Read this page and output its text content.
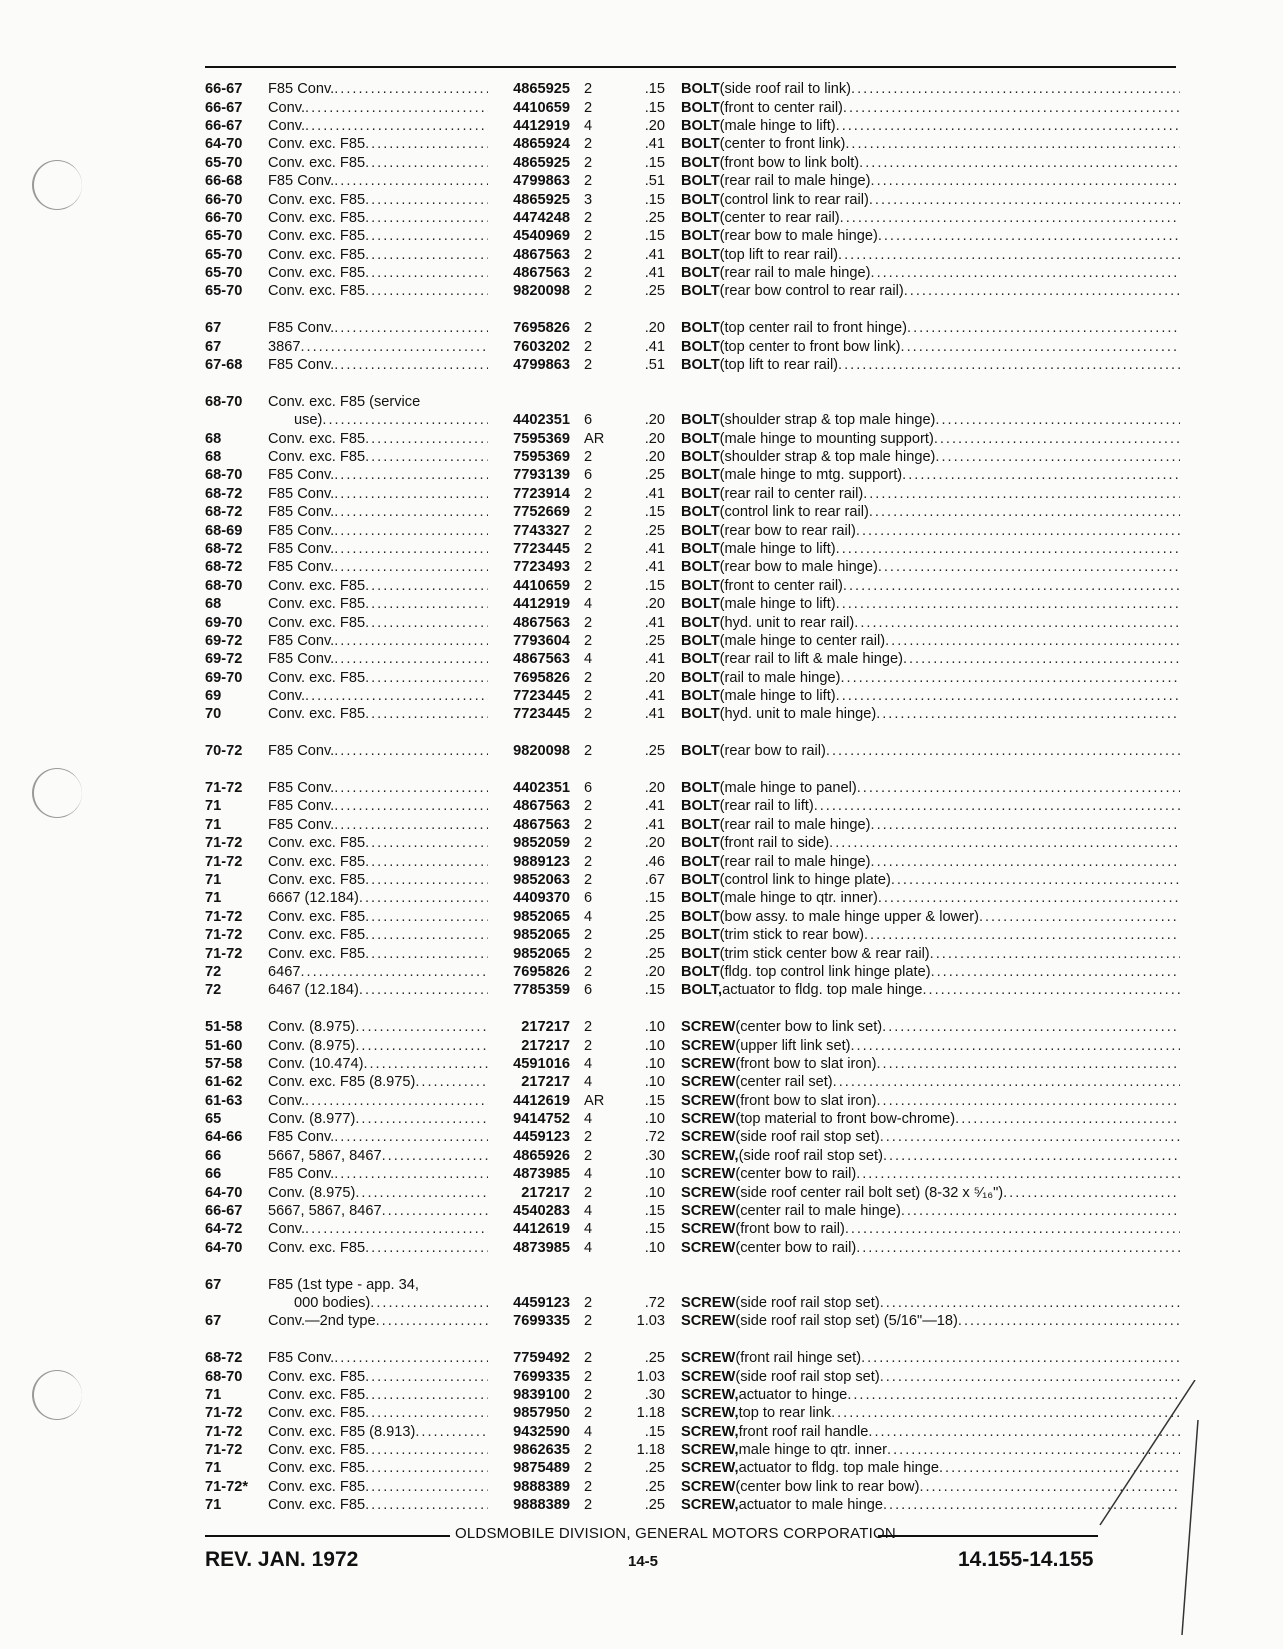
66-67	F85 Conv. .....	4865925 2	.15	BOLT (side roof rail to link)
.....
66-67	Conv. .....	4410659 2	.15	BOLT (front to center rail)
.....
66-67	Conv. .....	4412919 4	.20	BOLT (male hinge to lift)
.....
64-70	Conv. exc. F85 .....	4865924 2	.41	BOLT (center to front link)
.....
65-70	Conv. exc. F85 .....	4865925 2	.15	BOLT (front bow to link bolt)
.....
66-68	F85 Conv. .....	4799863 2	.51	BOLT (rear rail to male hinge)
.....
66-70	Conv. exc. F85 .....	4865925 3	.15	BOLT (control link to rear rail)
.....
66-70	Conv. exc. F85 .....	4474248 2	.25	BOLT (center to rear rail)
.....
65-70	Conv. exc. F85 .....	4540969 2	.15	BOLT (rear bow to male hinge)
.....
65-70	Conv. exc. F85 .....	4867563 2	.41	BOLT (top lift to rear rail)
.....
65-70	Conv. exc. F85 .....	4867563 2	.41	BOLT (rear rail to male hinge)
.....
65-70	Conv. exc. F85 .....	9820098 2	.25	BOLT (rear bow control to rear rail)
.....
67	F85 Conv. .....	7695826 2	.20	BOLT (top center rail to front hinge)
.....
67	3867 .....	7603202 2	.41	BOLT (top center to front bow link)
.....
67-68	F85 Conv. .....	4799863 2	.51	BOLT (top lift to rear rail)
.....
68-70	Conv. exc. F85 (service
use) .....	4402351 6	.20	BOLT (shoulder strap & top male hinge)
.....
68	Conv. exc. F85 .....	7595369 AR	.20	BOLT (male hinge to mounting support)
.....
68	Conv. exc. F85 .....	7595369 2	.20	BOLT (shoulder strap & top male hinge)
.....
68-70	F85 Conv. .....	7793139 6	.25	BOLT (male hinge to mtg. support)
.....
68-72	F85 Conv. .....	7723914 2	.41	BOLT (rear rail to center rail)
.....
68-72	F85 Conv. .....	7752669 2	.15	BOLT (control link to rear rail)
.....
68-69	F85 Conv. .....	7743327 2	.25	BOLT (rear bow to rear rail)
.....
68-72	F85 Conv. .....	7723445 2	.41	BOLT (male hinge to lift)
.....
68-72	F85 Conv. .....	7723493 2	.41	BOLT (rear bow to male hinge)
.....
68-70	Conv. exc. F85 .....	4410659 2	.15	BOLT (front to center rail)
.....
68	Conv. exc. F85 .....	4412919 4	.20	BOLT (male hinge to lift)
.....
69-70	Conv. exc. F85 .....	4867563 2	.41	BOLT (hyd. unit to rear rail)
.....
69-72	F85 Conv. .....	7793604 2	.25	BOLT (male hinge to center rail)
.....
69-72	F85 Conv. .....	4867563 4	.41	BOLT (rear rail to lift & male hinge)
.....
69-70	Conv. exc. F85 .....	7695826 2	.20	BOLT (rail to male hinge)
.....
69	Conv. .....	7723445 2	.41	BOLT (male hinge to lift)
.....
70	Conv. exc. F85 .....	7723445 2	.41	BOLT (hyd. unit to male hinge)
.....
70-72	F85 Conv. .....	9820098 2	.25	BOLT (rear bow to rail)
.....
71-72	F85 Conv. .....	4402351 6	.20	BOLT (male hinge to panel)
.....
71	F85 Conv. .....	4867563 2	.41	BOLT (rear rail to lift)
.....
71	F85 Conv. .....	4867563 2	.41	BOLT (rear rail to male hinge)
.....
71-72	Conv. exc. F85 .....	9852059 2	.20	BOLT (front rail to side)
.....
71-72	Conv. exc. F85 .....	9889123 2	.46	BOLT (rear rail to male hinge)
.....
71	Conv. exc. F85 .....	9852063 2	.67	BOLT (control link to hinge plate)
.....
71	6667 (12.184) .....	4409370 6	.15	BOLT (male hinge to qtr. inner)
.....
71-72	Conv. exc. F85 .....	9852065 4	.25	BOLT (bow assy. to male hinge upper & lower)
.....
71-72	Conv. exc. F85 .....	9852065 2	.25	BOLT (trim stick to rear bow)
.....
71-72	Conv. exc. F85 .....	9852065 2	.25	BOLT (trim stick center bow & rear rail)
.....
72	6467 .....	7695826 2	.20	BOLT (fldg. top control link hinge plate)
.....
72	6467 (12.184) .....	7785359 6	.15	BOLT, actuator to fldg. top male hinge
.....
51-58	Conv. (8.975) .....	217217 2	.10	SCREW (center bow to link set)
.....
51-60	Conv. (8.975) .....	217217 2	.10	SCREW (upper lift link set)
.....
57-58	Conv. (10.474) .....	4591016 4	.10	SCREW (front bow to slat iron)
.....
61-62	Conv. exc. F85 (8.975) .....	217217 4	.10	SCREW (center rail set)
.....
61-63	Conv. .....	4412619 AR	.15	SCREW (front bow to slat iron)
.....
65	Conv. (8.977) .....	9414752 4	.10	SCREW (top material to front bow-chrome)
.....
64-66	F85 Conv. .....	4459123 2	.72	SCREW (side roof rail stop set)
.....
66	5667, 5867, 8467 .....	4865926 2	.30	SCREW, (side roof rail stop set)
.....
66	F85 Conv. .....	4873985 4	.10	SCREW (center bow to rail)
.....
64-70	Conv. (8.975) .....	217217 2	.10	SCREW (side roof center rail bolt set) (8-32 x ⁵⁄₁₆")
.....
66-67	5667, 5867, 8467 .....	4540283 4	.15	SCREW (center rail to male hinge)
.....
64-72	Conv. .....	4412619 4	.15	SCREW (front bow to rail)
.....
64-70	Conv. exc. F85 .....	4873985 4	.10	SCREW (center bow to rail)
.....
67	F85 (1st type - app. 34,
000 bodies) .....	4459123 2	.72	SCREW (side roof rail stop set)
.....
67	Conv.—2nd type .....	7699335 2	1.03	SCREW (side roof rail stop set) (5/16"—18)
.....
68-72	F85 Conv. .....	7759492 2	.25	SCREW (front rail hinge set)
.....
68-70	Conv. exc. F85 .....	7699335 2	1.03	SCREW (side roof rail stop set)
.....
71	Conv. exc. F85 .....	9839100 2	.30	SCREW, actuator to hinge
.....
71-72	Conv. exc. F85 .....	9857950 2	1.18	SCREW, top to rear link
.....
71-72	Conv. exc. F85 (8.913) .....	9432590 4	.15	SCREW, front roof rail handle
.....
71-72	Conv. exc. F85 .....	9862635 2	1.18	SCREW, male hinge to qtr. inner
.....
71	Conv. exc. F85 .....	9875489 2	.25	SCREW, actuator to fldg. top male hinge
.....
71-72*	Conv. exc. F85 .....	9888389 2	.25	SCREW (center bow link to rear bow)
.....
71	Conv. exc. F85 .....	9888389 2	.25	SCREW, actuator to male hinge
.....
OLDSMOBILE DIVISION, GENERAL MOTORS CORPORATION
REV. JAN. 1972	14-5	14.155-14.155
